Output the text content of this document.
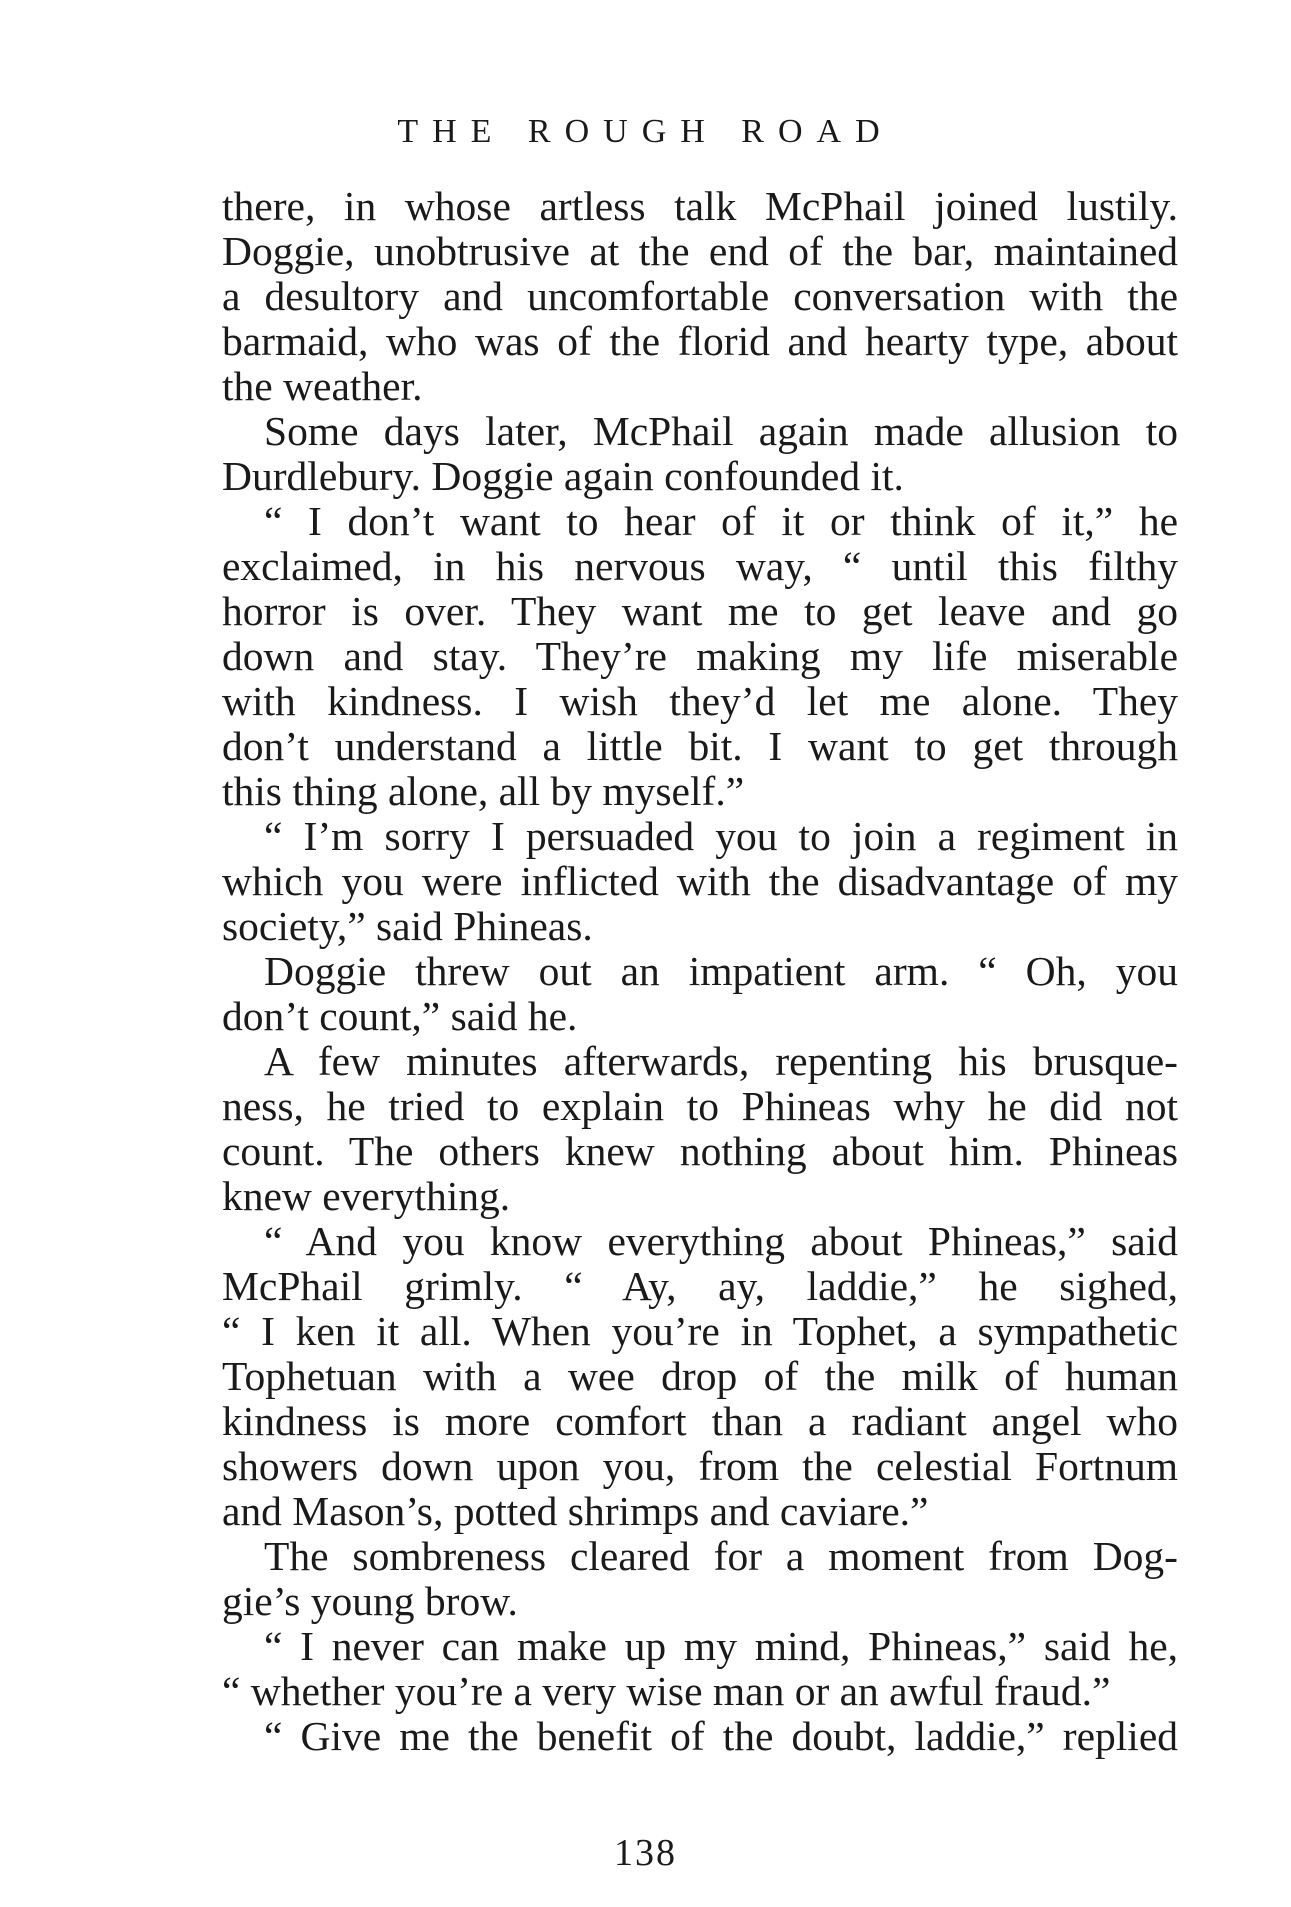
THE ROUGH ROAD
there, in whose artless talk McPhail joined lustily.
Doggie, unobtrusive at the end of the bar, maintained
a desultory and uncomfortable conversation with the
barmaid, who was of the florid and hearty type, about
the weather.
Some days later, McPhail again made allusion to
Durdlebury. Doggie again confounded it.
“ I don’t want to hear of it or think of it,” he
exclaimed, in his nervous way, “ until this filthy
horror is over. They want me to get leave and go
down and stay. They’re making my life miserable
with kindness. I wish they’d let me alone. They
don’t understand a little bit. I want to get through
this thing alone, all by myself.”
“ I’m sorry I persuaded you to join a regiment in
which you were inflicted with the disadvantage of my
society,” said Phineas.
Doggie threw out an impatient arm. “ Oh, you
don’t count,” said he.
A few minutes afterwards, repenting his brusque-
ness, he tried to explain to Phineas why he did not
count. The others knew nothing about him. Phineas
knew everything.
“ And you know everything about Phineas,” said
McPhail grimly. “ Ay, ay, laddie,” he sighed,
“ I ken it all. When you’re in Tophet, a sympathetic
Tophetuan with a wee drop of the milk of human
kindness is more comfort than a radiant angel who
showers down upon you, from the celestial Fortnum
and Mason’s, potted shrimps and caviare.”
The sombreness cleared for a moment from Dog-
gie’s young brow.
“ I never can make up my mind, Phineas,” said he,
“ whether you’re a very wise man or an awful fraud.”
“ Give me the benefit of the doubt, laddie,” replied
138
